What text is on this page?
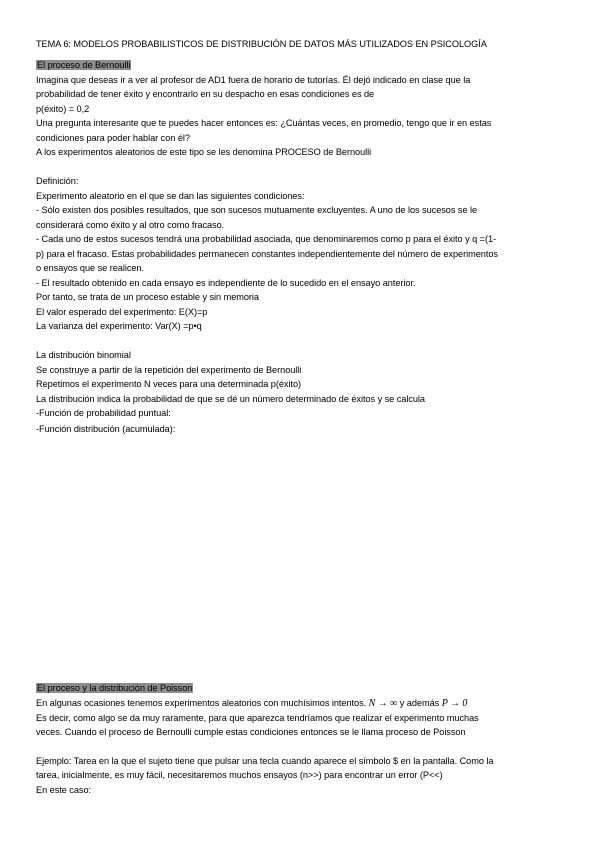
TEMA 6: MODELOS PROBABILISTICOS DE DISTRIBUCIÓN DE DATOS MÁS UTILIZADOS EN PSICOLOGÍA
El proceso de Bernoulli
Imagina que deseas ir a ver al profesor de AD1 fuera de horario de tutorías. Él dejó indicado en clase que la
probabilidad de tener éxito y encontrarlo en su despacho en esas condiciones es de
p(éxito) = 0,2
Una pregunta interesante que te puedes hacer entonces es: ¿Cuántas veces, en promedio, tengo que ir en estas
condiciones para poder hablar con él?
A los experimentos aleatorios de este tipo se les denomina PROCESO de Bernoulli
Definición:
Experimento aleatorio en el que se dan las siguientes condiciones:
- Sólo existen dos posibles resultados, que son sucesos mutuamente excluyentes. A uno de los sucesos se le
considerará como éxito y al otro como fracaso.
- Cada uno de estos sucesos tendrá una probabilidad asociada, que denominaremos como p para el éxito y q =(1-
p) para el fracaso. Estas probabilidades permanecen constantes independientemente del número de experimentos
o ensayos que se realicen.
- El resultado obtenido en cada ensayo es independiente de lo sucedido en el ensayo anterior.
Por tanto, se trata de un proceso estable y sin memoria
El valor esperado del experimento: E(X)=p
La varianza del experimento: Var(X) =p•q
La distribución binomial
Se construye a partir de la repetición del experimento de Bernoulli
Repetimos el experimento N veces para una determinada p(éxito)
La distribución indica la probabilidad de que se dé un número determinado de éxitos y se calcula
-Función de probabilidad puntual:
-Función distribución (acumulada):
El proceso y la distribución de Poisson
En algunas ocasiones tenemos experimentos aleatorios con muchísimos intentos. N → ∞ y además P → 0
Es decir, como algo se da muy raramente, para que aparezca tendríamos que realizar el experimento muchas
veces. Cuando el proceso de Bernoulli cumple estas condiciones entonces se le llama proceso de Poisson
Ejemplo: Tarea en la que el sujeto tiene que pulsar una tecla cuando aparece el símbolo $ en la pantalla. Como la
tarea, inicialmente, es muy fácil, necesitaremos muchos ensayos (n>>) para encontrar un error (P<<)
En este caso:
